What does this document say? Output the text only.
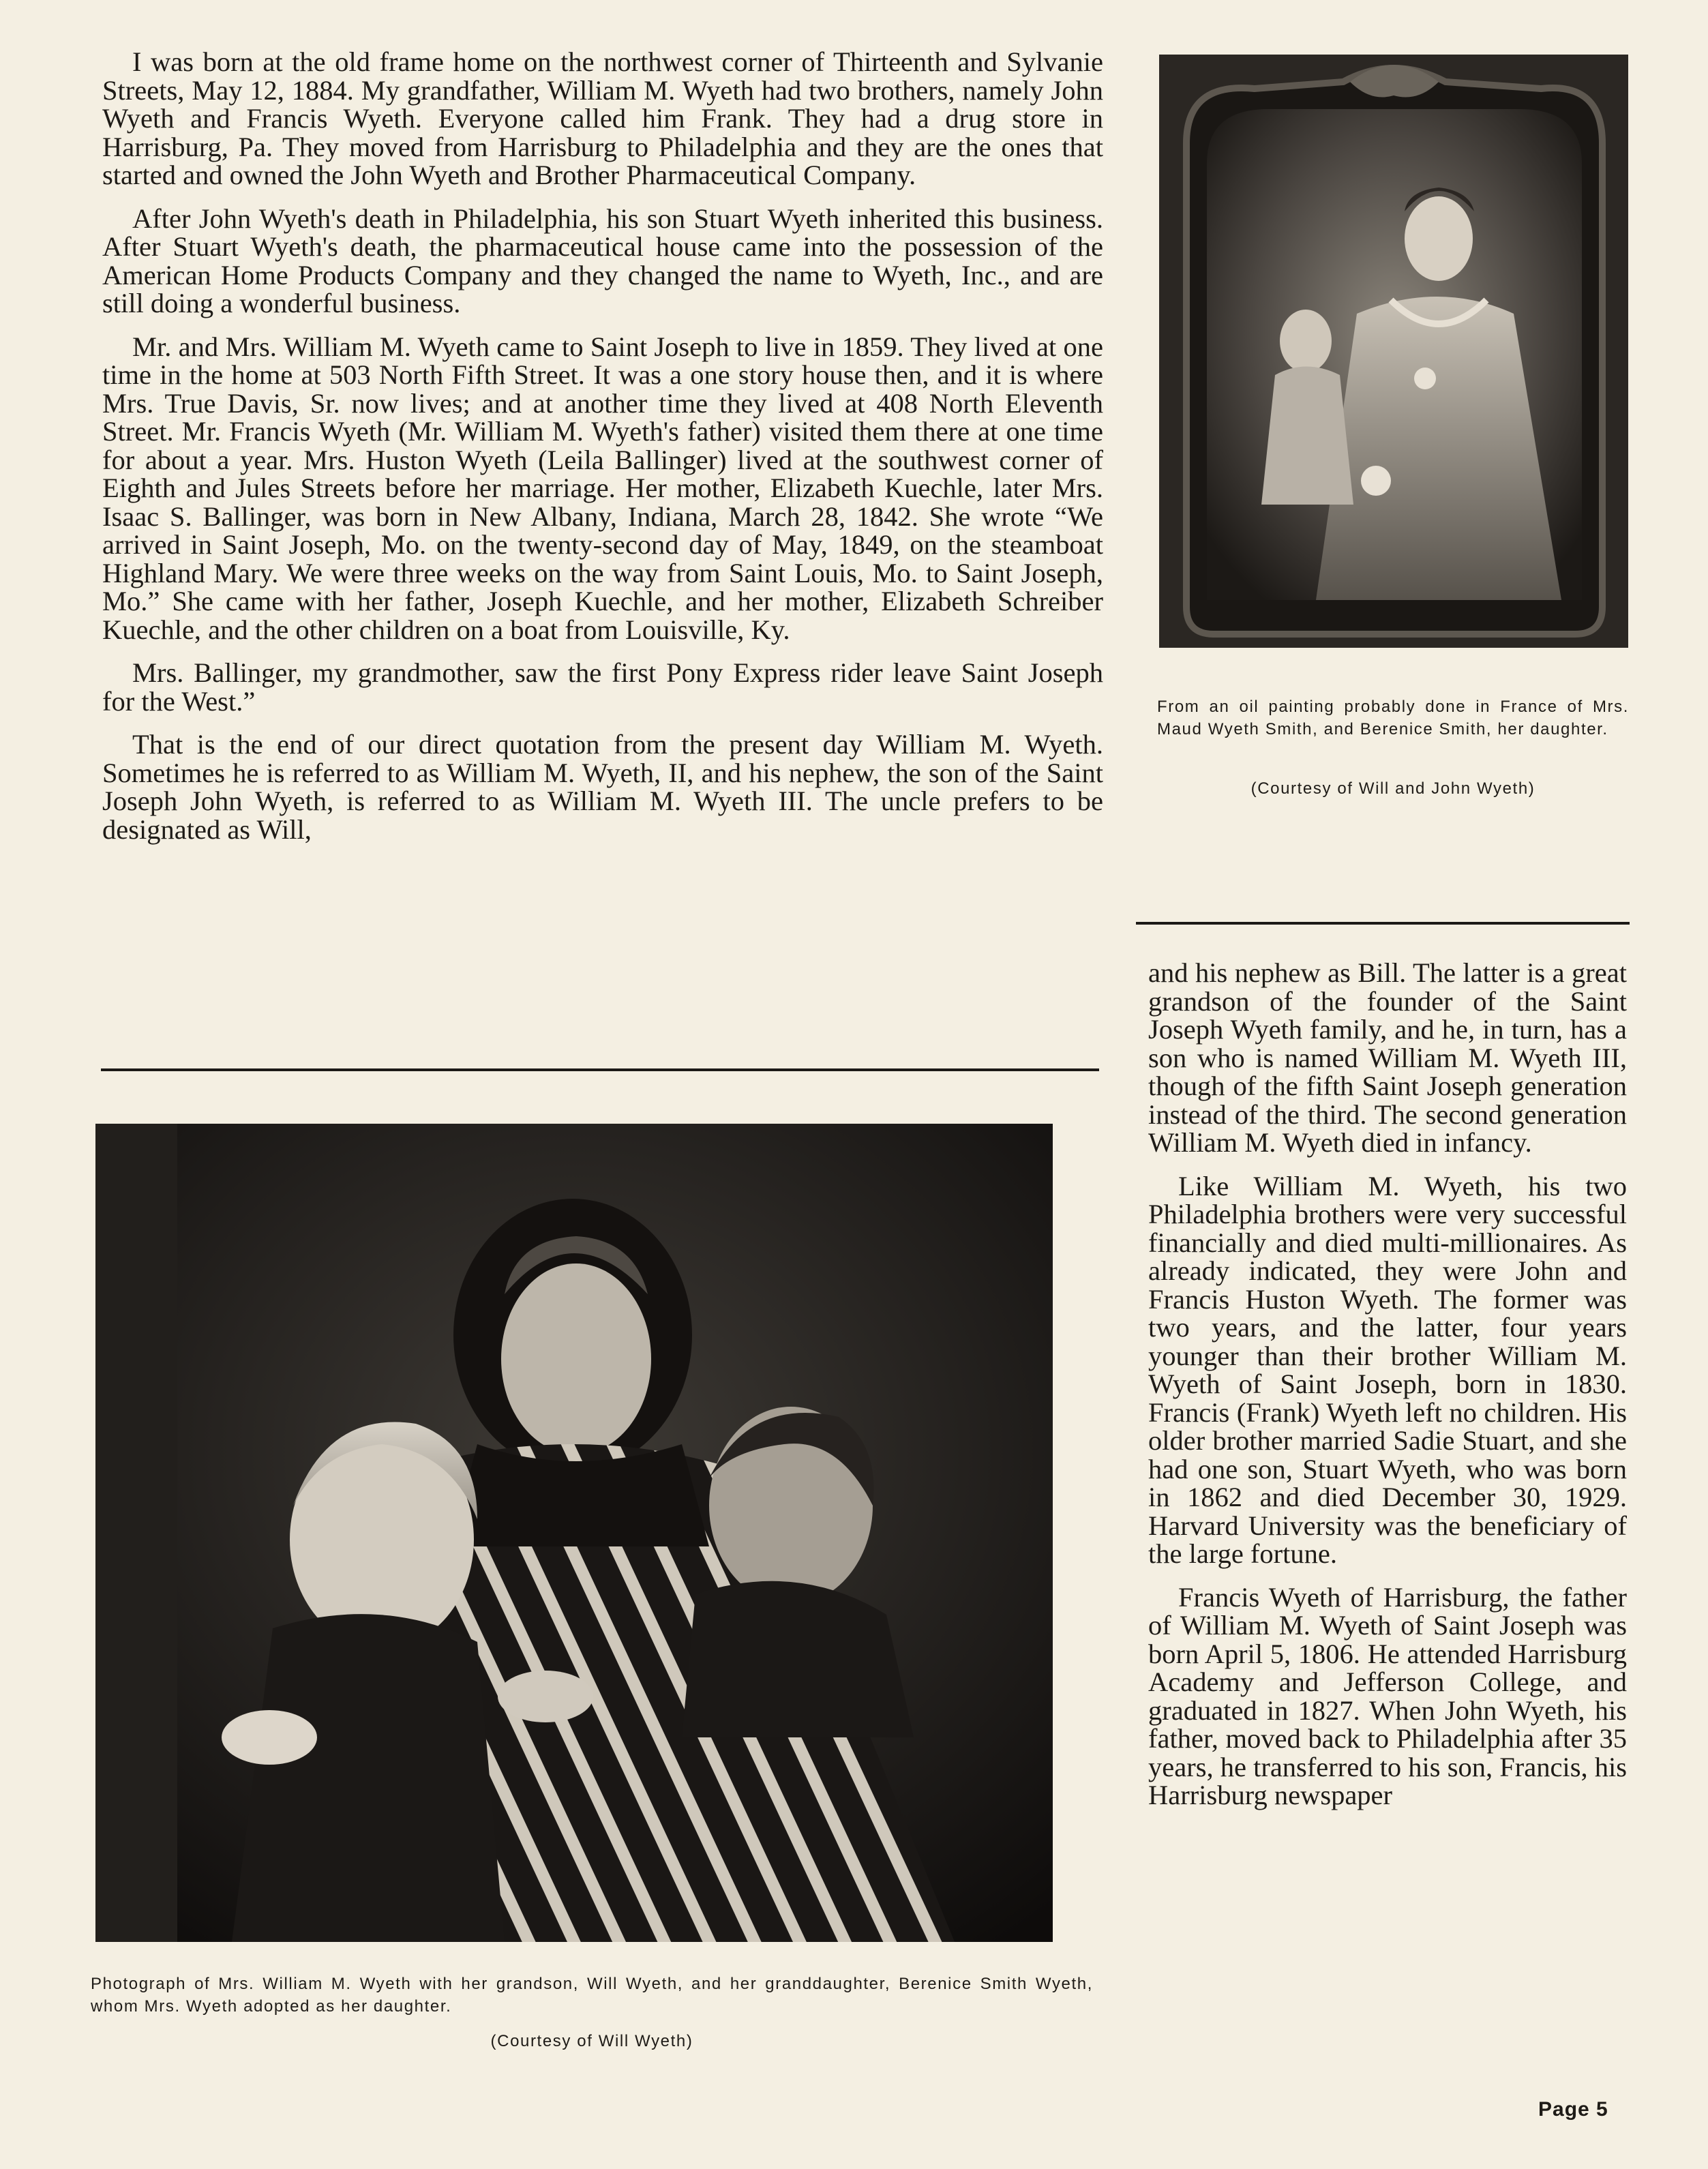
I was born at the old frame home on the northwest corner of Thirteenth and Sylvanie Streets, May 12, 1884. My grandfather, William M. Wyeth had two brothers, namely John Wyeth and Francis Wyeth. Everyone called him Frank. They had a drug store in Harrisburg, Pa. They moved from Harrisburg to Philadelphia and they are the ones that started and owned the John Wyeth and Brother Pharmaceutical Company.

After John Wyeth's death in Philadelphia, his son Stuart Wyeth inherited this business. After Stuart Wyeth's death, the pharmaceutical house came into the possession of the American Home Products Company and they changed the name to Wyeth, Inc., and are still doing a wonderful business.

Mr. and Mrs. William M. Wyeth came to Saint Joseph to live in 1859. They lived at one time in the home at 503 North Fifth Street. It was a one story house then, and it is where Mrs. True Davis, Sr. now lives; and at another time they lived at 408 North Eleventh Street. Mr. Francis Wyeth (Mr. William M. Wyeth's father) visited them there at one time for about a year. Mrs. Huston Wyeth (Leila Ballinger) lived at the southwest corner of Eighth and Jules Streets before her marriage. Her mother, Elizabeth Kuechle, later Mrs. Isaac S. Ballinger, was born in New Albany, Indiana, March 28, 1842. She wrote “We arrived in Saint Joseph, Mo. on the twenty-second day of May, 1849, on the steamboat Highland Mary. We were three weeks on the way from Saint Louis, Mo. to Saint Joseph, Mo.” She came with her father, Joseph Kuechle, and her mother, Elizabeth Schreiber Kuechle, and the other children on a boat from Louisville, Ky.

Mrs. Ballinger, my grandmother, saw the first Pony Express rider leave Saint Joseph for the West.”

That is the end of our direct quotation from the present day William M. Wyeth. Sometimes he is referred to as William M. Wyeth, II, and his nephew, the son of the Saint Joseph John Wyeth, is referred to as William M. Wyeth III. The uncle prefers to be designated as Will,

From an oil painting probably done in France of Mrs. Maud Wyeth Smith, and Berenice Smith, her daughter.

(Courtesy of Will and John Wyeth)

and his nephew as Bill. The latter is a great grandson of the founder of the Saint Joseph Wyeth family, and he, in turn, has a son who is named William M. Wyeth III, though of the fifth Saint Joseph generation instead of the third. The second generation William M. Wyeth died in infancy.

Like William M. Wyeth, his two Philadelphia brothers were very successful financially and died multi-millionaires. As already indicated, they were John and Francis Huston Wyeth. The former was two years, and the latter, four years younger than their brother William M. Wyeth of Saint Joseph, born in 1830. Francis (Frank) Wyeth left no children. His older brother married Sadie Stuart, and she had one son, Stuart Wyeth, who was born in 1862 and died December 30, 1929. Harvard University was the beneficiary of the large fortune.

Francis Wyeth of Harrisburg, the father of William M. Wyeth of Saint Joseph was born April 5, 1806. He attended Harrisburg Academy and Jefferson College, and graduated in 1827. When John Wyeth, his father, moved back to Philadelphia after 35 years, he transferred to his son, Francis, his Harrisburg newspaper

Photograph of Mrs. William M. Wyeth with her grandson, Will Wyeth, and her granddaughter, Berenice Smith Wyeth, whom Mrs. Wyeth adopted as her daughter.

(Courtesy of Will Wyeth)

Page 5
